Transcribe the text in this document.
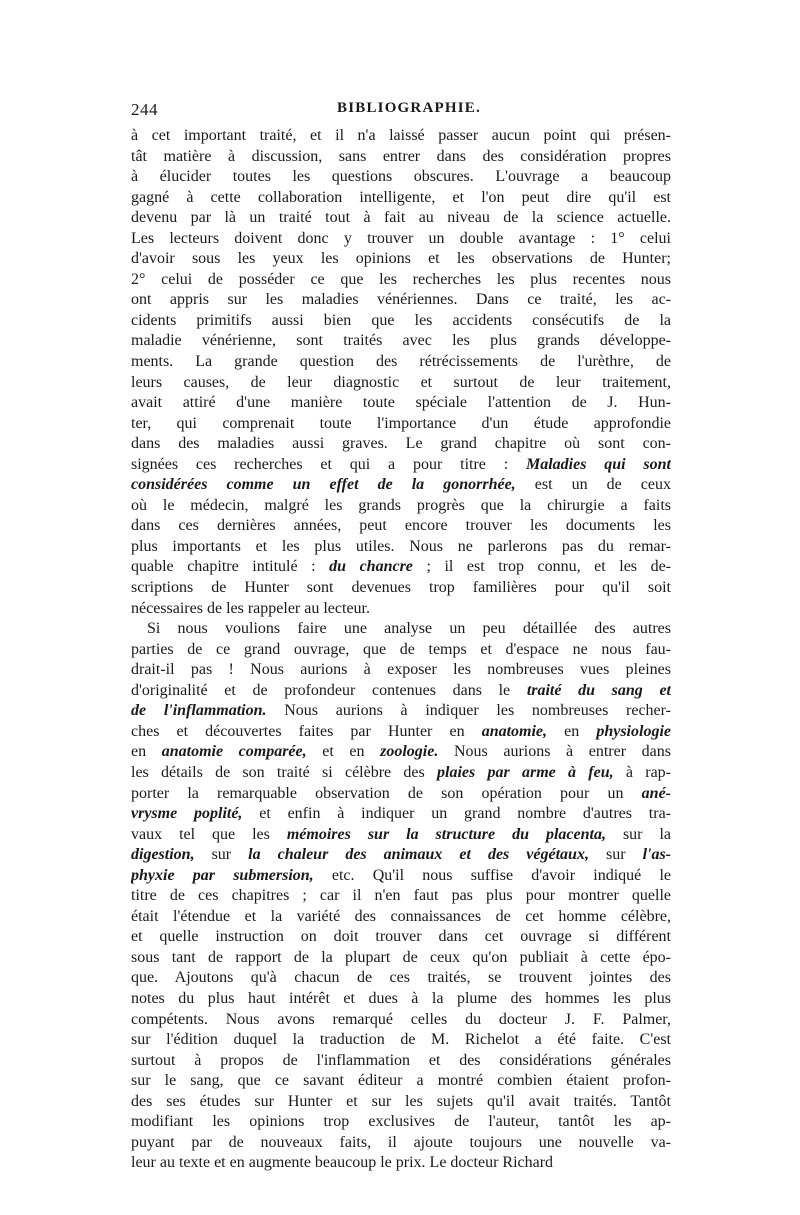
244	BIBLIOGRAPHIE.
à cet important traité, et il n'a laissé passer aucun point qui présen-
tât matière à discussion, sans entrer dans des considération propres
à élucider toutes les questions obscures. L'ouvrage a beaucoup
gagné à cette collaboration intelligente, et l'on peut dire qu'il est
devenu par là un traité tout à fait au niveau de la science actuelle.
Les lecteurs doivent donc y trouver un double avantage : 1° celui
d'avoir sous les yeux les opinions et les observations de Hunter;
2° celui de posséder ce que les recherches les plus recentes nous
ont appris sur les maladies vénériennes. Dans ce traité, les ac-
cidents primitifs aussi bien que les accidents consécutifs de la
maladie vénérienne, sont traités avec les plus grands développe-
ments. La grande question des rétrécissements de l'urèthre, de
leurs causes, de leur diagnostic et surtout de leur traitement,
avait attiré d'une manière toute spéciale l'attention de J. Hun-
ter, qui comprenait toute l'importance d'un étude approfondie
dans des maladies aussi graves. Le grand chapitre où sont con-
signées ces recherches et qui a pour titre : Maladies qui sont
considérées comme un effet de la gonorrhée, est un de ceux
où le médecin, malgré les grands progrès que la chirurgie a faits
dans ces dernières années, peut encore trouver les documents les
plus importants et les plus utiles. Nous ne parlerons pas du remar-
quable chapitre intitulé : du chancre ; il est trop connu, et les de-
scriptions de Hunter sont devenues trop familières pour qu'il soit
nécessaires de les rappeler au lecteur.
Si nous voulions faire une analyse un peu détaillée des autres
parties de ce grand ouvrage, que de temps et d'espace ne nous fau-
drait-il pas ! Nous aurions à exposer les nombreuses vues pleines
d'originalité et de profondeur contenues dans le traité du sang et
de l'inflammation. Nous aurions à indiquer les nombreuses recher-
ches et découvertes faites par Hunter en anatomie, en physiologie
en anatomie comparée, et en zoologie. Nous aurions à entrer dans
les détails de son traité si célèbre des plaies par arme à feu, à rap-
porter la remarquable observation de son opération pour un ané-
vrysme poplité, et enfin à indiquer un grand nombre d'autres tra-
vaux tel que les mémoires sur la structure du placenta, sur la
digestion, sur la chaleur des animaux et des végétaux, sur l'as-
phyxie par submersion, etc. Qu'il nous suffise d'avoir indiqué le
titre de ces chapitres ; car il n'en faut pas plus pour montrer quelle
était l'étendue et la variété des connaissances de cet homme célèbre,
et quelle instruction on doit trouver dans cet ouvrage si différent
sous tant de rapport de la plupart de ceux qu'on publiait à cette épo-
que. Ajoutons qu'à chacun de ces traités, se trouvent jointes des
notes du plus haut intérêt et dues à la plume des hommes les plus
compétents. Nous avons remarqué celles du docteur J. F. Palmer,
sur l'édition duquel la traduction de M. Richelot a été faite. C'est
surtout à propos de l'inflammation et des considérations générales
sur le sang, que ce savant éditeur a montré combien étaient profon-
des ses études sur Hunter et sur les sujets qu'il avait traités. Tantôt
modifiant les opinions trop exclusives de l'auteur, tantôt les ap-
puyant par de nouveaux faits, il ajoute toujours une nouvelle va-
leur au texte et en augmente beaucoup le prix. Le docteur Richard
